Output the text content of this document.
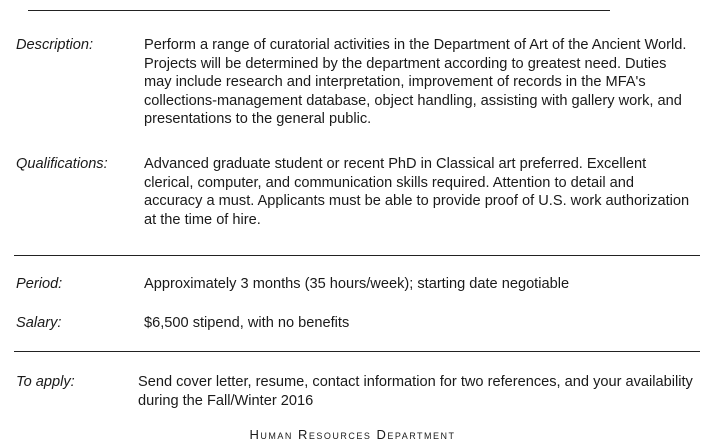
Description:	Perform a range of curatorial activities in the Department of Art of the Ancient World.
Projects will be determined by the department according to greatest need. Duties
may include research and interpretation, improvement of records in the MFA's
collections-management database, object handling, assisting with gallery work, and
presentations to the general public.
Qualifications: Advanced graduate student or recent PhD in Classical art preferred. Excellent
clerical, computer, and communication skills required. Attention to detail and
accuracy a must. Applicants must be able to provide proof of U.S. work authorization
at the time of hire.
Period:	Approximately 3 months (35 hours/week); starting date negotiable
Salary:	$6,500 stipend, with no benefits
To apply:	Send cover letter, resume, contact information for two references, and your availability
during the Fall/Winter 2016
Human Resources Department
